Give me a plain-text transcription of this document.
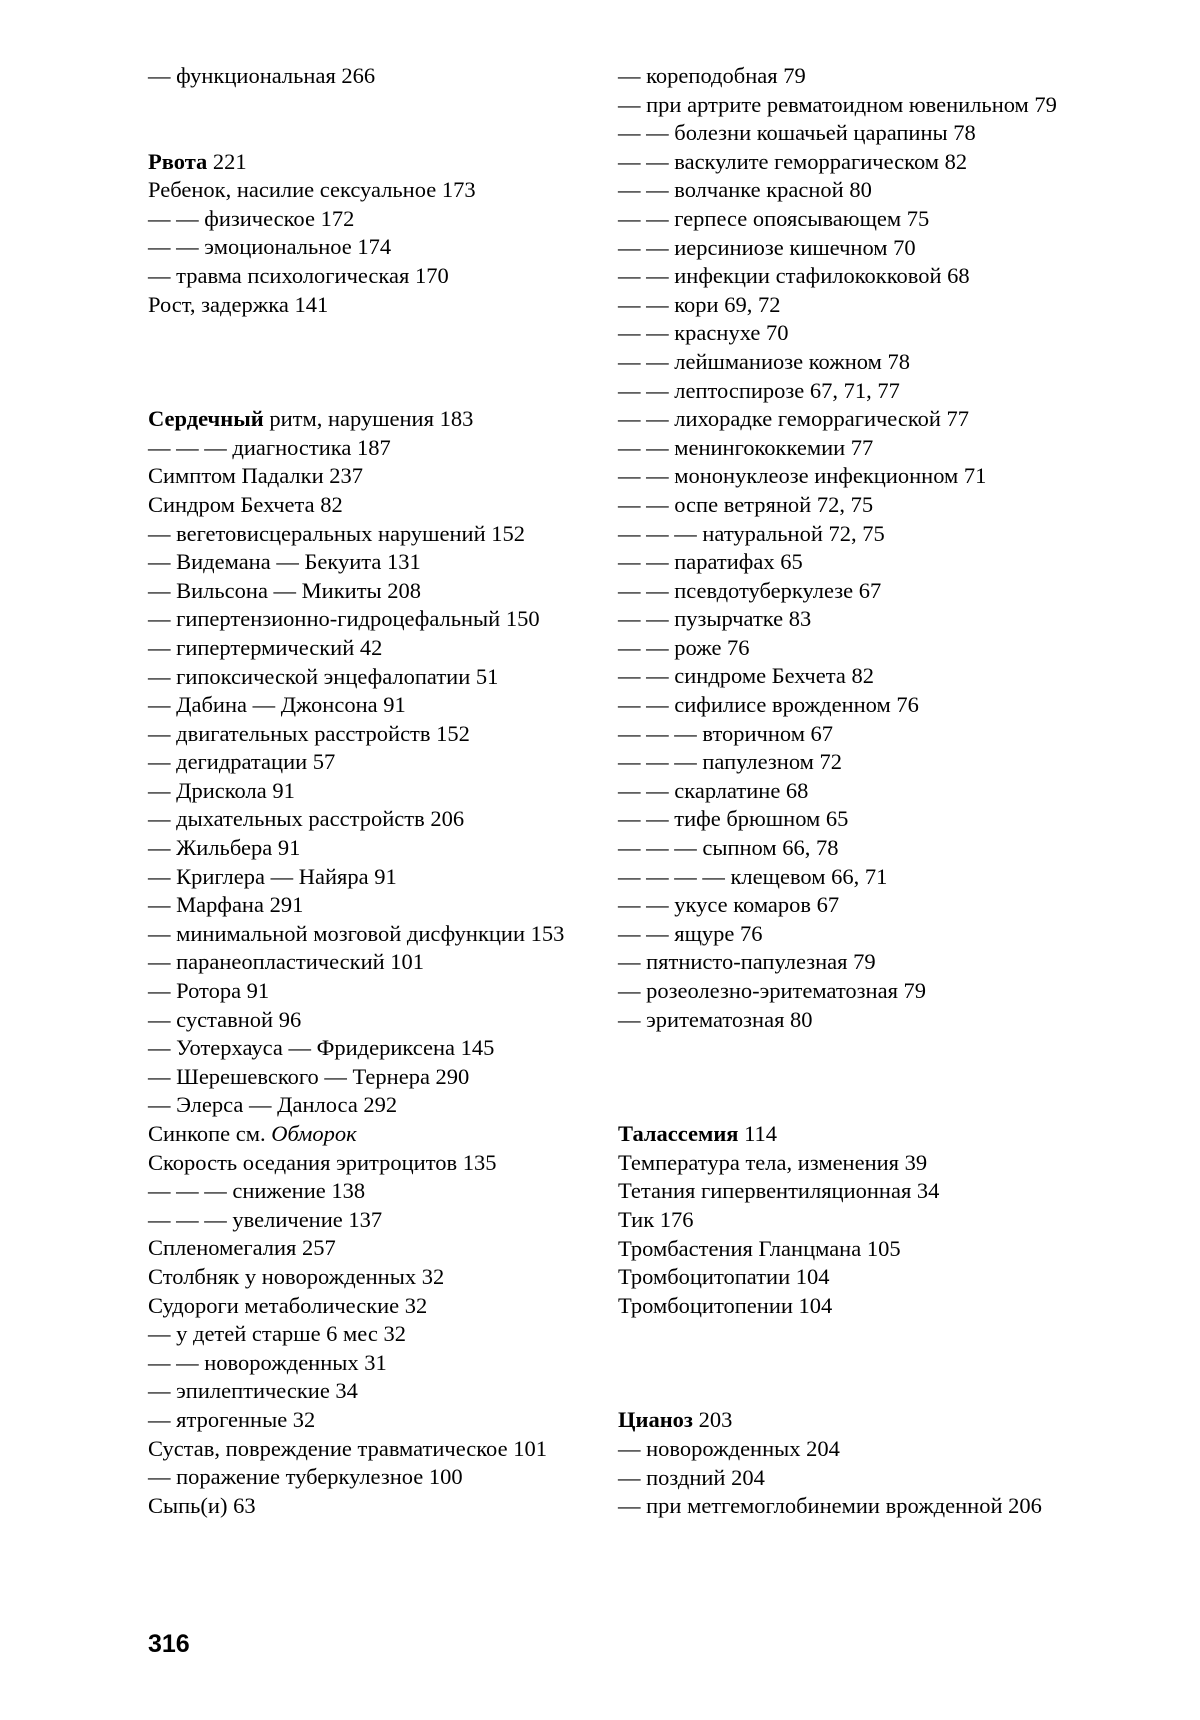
— функциональная 266
Рвота 221
Ребенок, насилие сексуальное 173
— — физическое 172
— — эмоциональное 174
— травма психологическая 170
Рост, задержка 141
Сердечный ритм, нарушения 183
— — — диагностика 187
Симптом Падалки 237
Синдром Бехчета 82
— вегетовисцеральных нарушений 152
— Видемана — Бекуита 131
— Вильсона — Микиты 208
— гипертензионно-гидроцефальный 150
— гипертермический 42
— гипоксической энцефалопатии 51
— Дабина — Джонсона 91
— двигательных расстройств 152
— дегидратации 57
— Дрискола 91
— дыхательных расстройств 206
— Жильбера 91
— Криглера — Найяра 91
— Марфана 291
— минимальной мозговой дисфункции 153
— паранеопластический 101
— Ротора 91
— суставной 96
— Уотерхауса — Фридериксена 145
— Шерешевского — Тернера 290
— Элерса — Данлоса 292
Синкопе см. Обморок
Скорость оседания эритроцитов 135
— — — снижение 138
— — — увеличение 137
Спленомегалия 257
Столбняк у новорожденных 32
Судороги метаболические 32
— у детей старше 6 мес 32
— — новорожденных 31
— эпилептические 34
— ятрогенные 32
Сустав, повреждение травматическое 101
— поражение туберкулезное 100
Сыпь(и) 63
— кореподобная 79
— при артрите ревматоидном ювенильном 79
— — болезни кошачьей царапины 78
— — васкулите геморрагическом 82
— — волчанке красной 80
— — герпесе опоясывающем 75
— — иерсиниозе кишечном 70
— — инфекции стафилококковой 68
— — кори 69, 72
— — краснухе 70
— — лейшманиозе кожном 78
— — лептоспирозе 67, 71, 77
— — лихорадке геморрагической 77
— — менингококкемии 77
— — мононуклеозе инфекционном 71
— — оспе ветряной 72, 75
— — — натуральной 72, 75
— — паратифах 65
— — псевдотуберкулезе 67
— — пузырчатке 83
— — роже 76
— — синдроме Бехчета 82
— — сифилисе врожденном 76
— — — вторичном 67
— — — папулезном 72
— — скарлатине 68
— — тифе брюшном 65
— — — сыпном 66, 78
— — — — клещевом 66, 71
— — укусе комаров 67
— — ящуре 76
— пятнисто-папулезная 79
— розеолезно-эритематозная 79
— эритематозная 80
Талассемия 114
Температура тела, изменения 39
Тетания гипервентиляционная 34
Тик 176
Тромбастения Гланцмана 105
Тромбоцитопатии 104
Тромбоцитопении 104
Цианоз 203
— новорожденных 204
— поздний 204
— при метгемоглобинемии врожденной 206
316
